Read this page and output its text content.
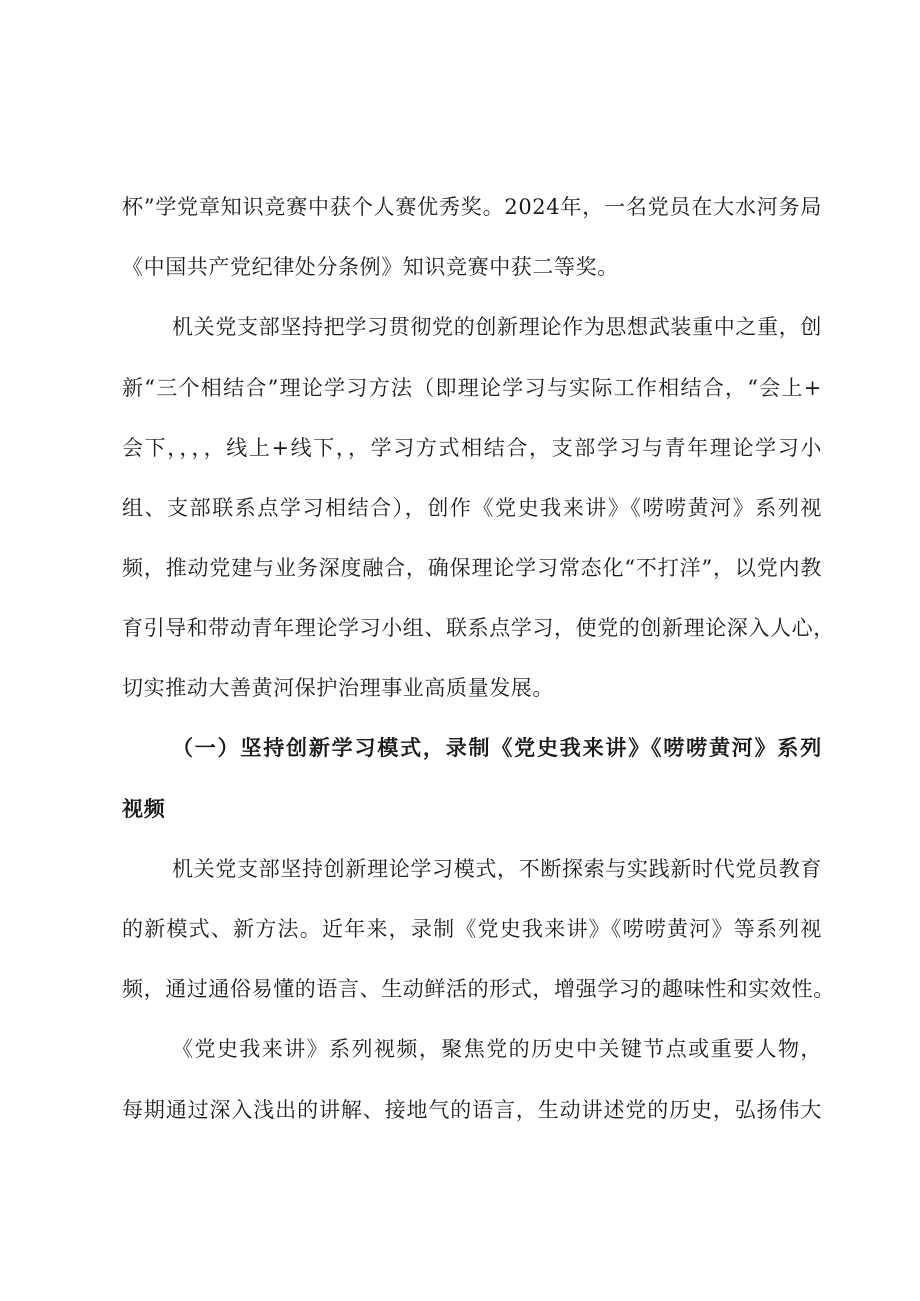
杯”学党章知识竞赛中获个人赛优秀奖。2024年，一名党员在大水河务局
《中国共产党纪律处分条例》知识竞赛中获二等奖。
机关党支部坚持把学习贯彻党的创新理论作为思想武装重中之重，创
新“三个相结合”理论学习方法（即理论学习与实际工作相结合，“会上+
会下，，，，线上+线下，，学习方式相结合，支部学习与青年理论学习小
组、支部联系点学习相结合），创作《党史我来讲》《唠唠黄河》系列视
频，推动党建与业务深度融合，确保理论学习常态化“不打洋”，以党内教
育引导和带动青年理论学习小组、联系点学习，使党的创新理论深入人心，
切实推动大善黄河保护治理事业高质量发展。
（一）坚持创新学习模式，录制《党史我来讲》《唠唠黄河》系列
视频
机关党支部坚持创新理论学习模式，不断探索与实践新时代党员教育
的新模式、新方法。近年来，录制《党史我来讲》《唠唠黄河》等系列视
频，通过通俗易懂的语言、生动鲜活的形式，增强学习的趣味性和实效性。
《党史我来讲》系列视频，聚焦党的历史中关键节点或重要人物，
每期通过深入浅出的讲解、接地气的语言，生动讲述党的历史，弘扬伟大
